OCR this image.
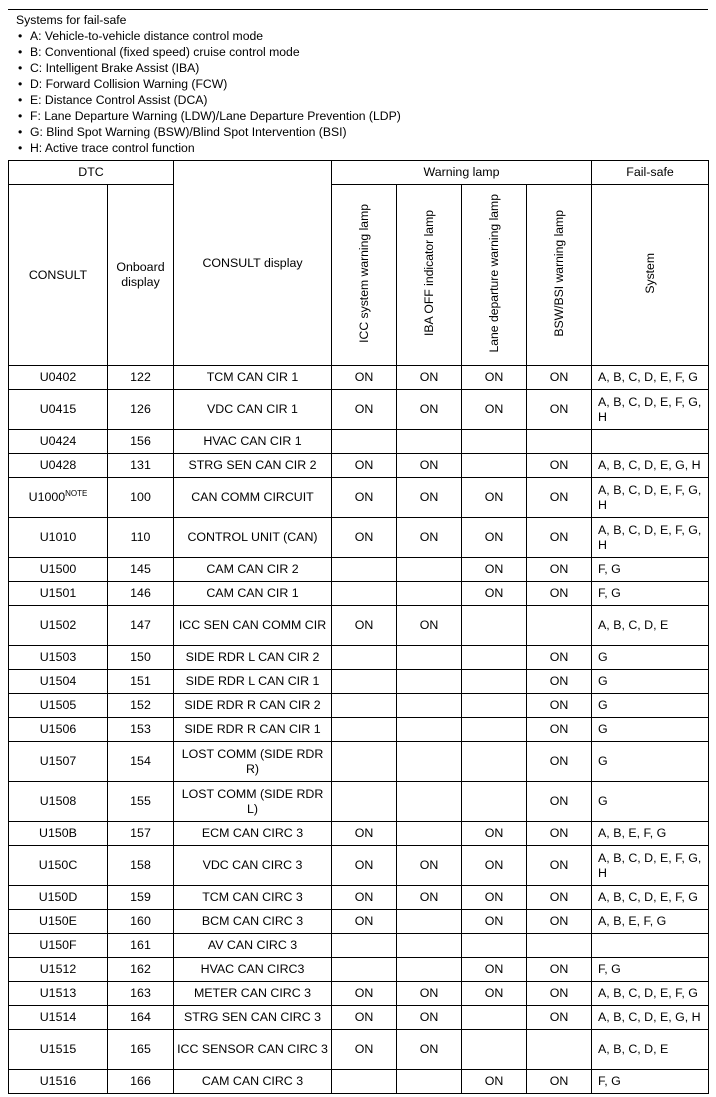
Systems for fail-safe
• A: Vehicle-to-vehicle distance control mode
• B: Conventional (fixed speed) cruise control mode
• C: Intelligent Brake Assist (IBA)
• D: Forward Collision Warning (FCW)
• E: Distance Control Assist (DCA)
• F: Lane Departure Warning (LDW)/Lane Departure Prevention (LDP)
• G: Blind Spot Warning (BSW)/Blind Spot Intervention (BSI)
• H: Active trace control function
DTC		CONSULT display	Warning lamp				Fail-safe
CONSULT	Onboard display		ICC system warning lamp	IBA OFF indicator lamp	Lane departure warning lamp	BSW/BSI warning lamp	System
U0402	122	TCM CAN CIR 1	ON	ON	ON	ON	A, B, C, D, E, F, G
U0415	126	VDC CAN CIR 1	ON	ON	ON	ON	A, B, C, D, E, F, G, H
U0424	156	HVAC CAN CIR 1					
U0428	131	STRG SEN CAN CIR 2	ON	ON		ON	A, B, C, D, E, G, H
U1000$^{NOTE}$	100	CAN COMM CIRCUIT	ON	ON	ON	ON	A, B, C, D, E, F, G, H
U1010	110	CONTROL UNIT (CAN)	ON	ON	ON	ON	A, B, C, D, E, F, G, H
U1500	145	CAM CAN CIR 2			ON	ON	F, G
U1501	146	CAM CAN CIR 1			ON	ON	F, G
U1502	147	ICC SEN CAN COMM CIR	ON	ON			A, B, C, D, E
U1503	150	SIDE RDR L CAN CIR 2				ON	G
U1504	151	SIDE RDR L CAN CIR 1				ON	G
U1505	152	SIDE RDR R CAN CIR 2				ON	G
U1506	153	SIDE RDR R CAN CIR 1				ON	G
U1507	154	LOST COMM (SIDE RDR R)				ON	G
U1508	155	LOST COMM (SIDE RDR L)				ON	G
U150B	157	ECM CAN CIRC 3	ON		ON	ON	A, B, E, F, G
U150C	158	VDC CAN CIRC 3	ON	ON	ON	ON	A, B, C, D, E, F, G, H
U150D	159	TCM CAN CIRC 3	ON	ON	ON	ON	A, B, C, D, E, F, G
U150E	160	BCM CAN CIRC 3	ON		ON	ON	A, B, E, F, G
U150F	161	AV CAN CIRC 3					
U1512	162	HVAC CAN CIRC3			ON	ON	F, G
U1513	163	METER CAN CIRC 3	ON	ON	ON	ON	A, B, C, D, E, F, G
U1514	164	STRG SEN CAN CIRC 3	ON	ON		ON	A, B, C, D, E, G, H
U1515	165	ICC SENSOR CAN CIRC 3	ON	ON			A, B, C, D, E
U1516	166	CAM CAN CIRC 3			ON	ON	F, G
